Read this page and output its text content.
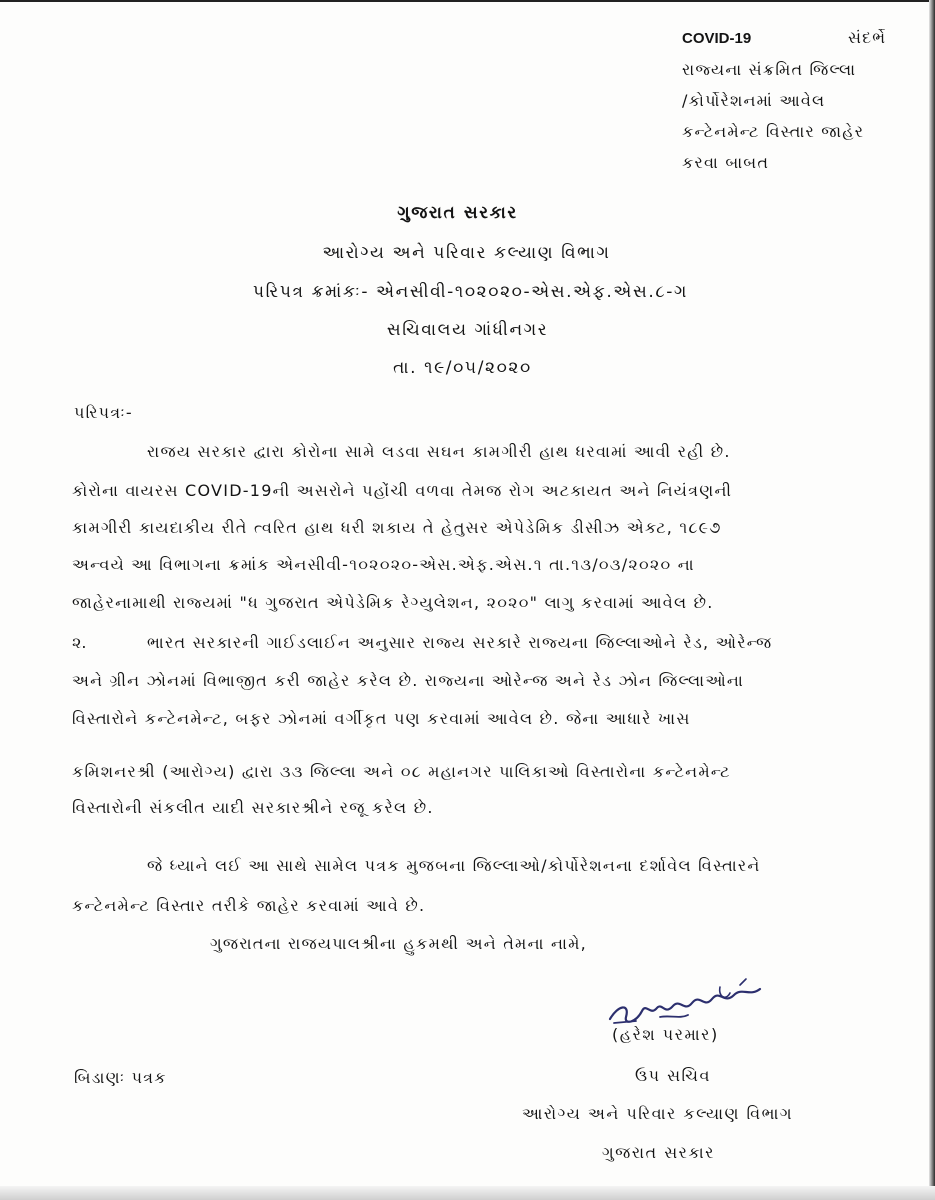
COVID-19	સંદર્ભે
રાજ્યના સંક્રમિત જિલ્લા
/કોર્પોરેશનમાં આવેલ
કન્ટેનમેન્ટ વિસ્તાર જાહેર
કરવા બાબત
ગુજરાત સરકાર
આરોગ્ય અને પરિવાર કલ્યાણ વિભાગ
પરિપત્ર ક્રમાંકઃ- એનસીવી-૧૦૨૦૨૦-એસ.એફ.એસ.૮-ગ
સચિવાલય ગાંધીનગર
તા. ૧૯/૦૫/૨૦૨૦
પરિપત્રઃ-
રાજય સરકાર દ્વારા કોરોના સામે લડવા સઘન કામગીરી હાથ ધરવામાં આવી રહી છે.
કોરોના વાયરસ COVID-19ની અસરોને પહોંચી વળવા તેમજ રોગ અટકાયત અને નિયંત્રણની
કામગીરી કાયદાકીય રીતે ત્વરિત હાથ ધરી શકાય તે હેતુસર એપેડેમિક ડીસીઝ એક્ટ, ૧૮૯૭
અન્વયે આ વિભાગના ક્રમાંક એનસીવી-૧૦૨૦૨૦-એસ.એફ.એસ.૧ તા.૧૩/૦૩/૨૦૨૦ ના
જાહેરનામાથી રાજ્યમાં "ધ ગુજરાત એપેડેમિક રેગ્યુલેશન, ૨૦૨૦" લાગુ કરવામાં આવેલ છે.
૨.	ભારત સરકારની ગાઈડલાઈન અનુસાર રાજ્ય સરકારે રાજ્યના જિલ્લાઓને રેડ, ઓરેન્જ
અને ગ્રીન ઝોનમાં વિભાજીત કરી જાહેર કરેલ છે. રાજ્યના ઓરેન્જ અને રેડ ઝોન જિલ્લાઓના
વિસ્તારોને કન્ટેનમેન્ટ, બફર ઝોનમાં વર્ગીકૃત પણ કરવામાં આવેલ છે. જેના આધારે ખાસ
કમિશનરશ્રી (આરોગ્ય) દ્વારા ૩૩ જિલ્લા અને ૦૮ મહાનગર પાલિકાઓ વિસ્તારોના કન્ટેનમેન્ટ
વિસ્તારોની સંકલીત યાદી સરકારશ્રીને રજૂ કરેલ છે.
જે ધ્યાને લઈ આ સાથે સામેલ પત્રક મુજબના જિલ્લાઓ/કોર્પોરેશનના દર્શાવેલ વિસ્તારને
કન્ટેનમેન્ટ વિસ્તાર તરીકે જાહેર કરવામાં આવે છે.
ગુજરાતના રાજયપાલશ્રીના હુકમથી અને તેમના નામે,
(હરેશ પરમાર)
બિડાણઃ પત્રક	ઉપ સચિવ
આરોગ્ય અને પરિવાર કલ્યાણ વિભાગ
ગુજરાત સરકાર
